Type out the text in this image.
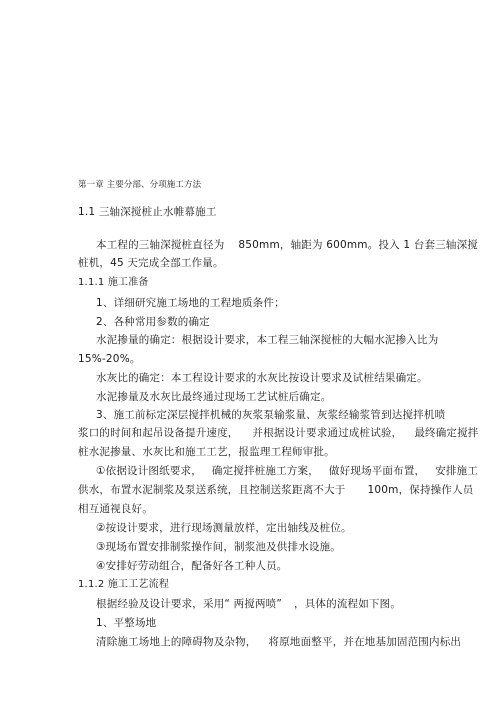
第一章 主要分部、分项施工方法
1.1 三轴深搅桩止水帷幕施工
本工程的三轴深搅桩直径为 850mm，轴距为 600mm。投入 1 台套三轴深搅
桩机，45 天完成全部工作量。
1.1.1 施工准备
1、详细研究施工场地的工程地质条件；
2、各种常用参数的确定
水泥掺量的确定：根据设计要求，本工程三轴深搅桩的大幅水泥掺入比为
15%-20%。
水灰比的确定：本工程设计要求的水灰比按设计要求及试桩结果确定。
水泥掺量及水灰比最终通过现场工艺试桩后确定。
3、施工前标定深层搅拌机械的灰浆泵输浆量、灰浆经输浆管到达搅拌机喷
浆口的时间和起吊设备提升速度， 并根据设计要求通过成桩试验， 最终确定搅拌
桩水泥掺量、水灰比和施工工艺，报监理工程师审批。
①依据设计图纸要求， 确定搅拌桩施工方案， 做好现场平面布置， 安排施工
供水，布置水泥制浆及泵送系统，且控制送浆距离不大于 100m，保持操作人员
相互通视良好。
②按设计要求，进行现场测量放样，定出轴线及桩位。
③现场布置安排制浆操作间，制浆池及供排水设施。
④安排好劳动组合，配备好各工种人员。
1.1.2 施工工艺流程
根据经验及设计要求，采用“ 两搅两喷” ，具体的流程如下图。
1、平整场地
清除施工场地上的障碍物及杂物， 将原地面整平，并在地基加固范围内标出
